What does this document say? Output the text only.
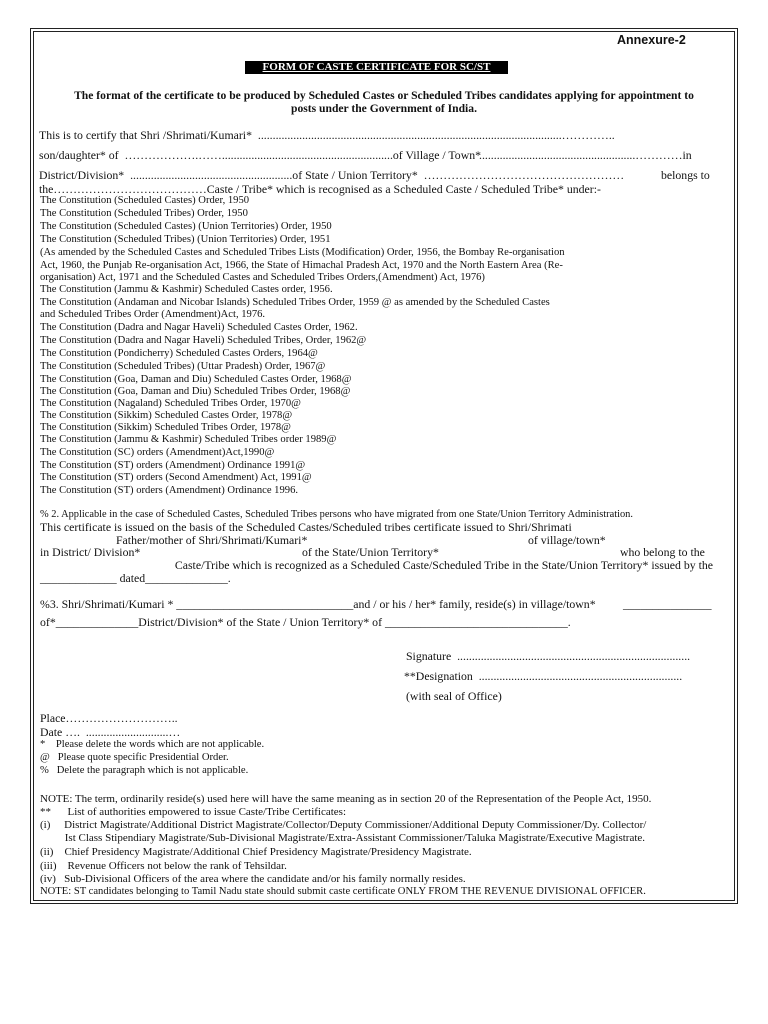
Annexure-2
FORM OF CASTE CERTIFICATE FOR SC/ST
The format of the certificate to be produced by Scheduled Castes or Scheduled Tribes candidates applying for appointment to
posts under the Government of India.
This is to certify that Shri /Shrimati/Kumari*  .......................................................................................................…………..
son/daughter* of  ……………….……..........................................................of Village / Town*
.....................................................…………in
District/Division*  .......................................................of State / Union Territory*  ……………………………………………	belongs to
the…………………………………Caste / Tribe* which is recognised as a Scheduled Caste / Scheduled Tribe* under:-
The Constitution (Scheduled Castes) Order, 1950
The Constitution (Scheduled Tribes) Order, 1950
The Constitution (Scheduled Castes) (Union Territories) Order, 1950
The Constitution (Scheduled Tribes) (Union Territories) Order, 1951
(As amended by the Scheduled Castes and Scheduled Tribes Lists (Modification) Order, 1956, the Bombay Re-organisation
Act, 1960, the Punjab Re-organisation Act, 1966, the State of Himachal Pradesh Act, 1970 and the North Eastern Area (Re-
organisation) Act, 1971 and the Scheduled Castes and Scheduled Tribes Orders,(Amendment) Act, 1976)
The Constitution (Jammu & Kashmir) Scheduled Castes order, 1956.
The Constitution (Andaman and Nicobar Islands) Scheduled Tribes Order, 1959 @ as amended by the Scheduled Castes
and Scheduled Tribes Order (Amendment)Act, 1976.
The Constitution (Dadra and Nagar Haveli) Scheduled Castes Order, 1962.
The Constitution (Dadra and Nagar Haveli) Scheduled Tribes, Order, 1962@
The Constitution (Pondicherry) Scheduled Castes Orders, 1964@
The Constitution (Scheduled Tribes) (Uttar Pradesh) Order, 1967@
The Constitution (Goa, Daman and Diu) Scheduled Castes Order, 1968@
The Constitution (Goa, Daman and Diu) Scheduled Tribes Order, 1968@
The Constitution (Nagaland) Scheduled Tribes Order, 1970@
The Constitution (Sikkim) Scheduled Castes Order, 1978@
The Constitution (Sikkim) Scheduled Tribes Order, 1978@
The Constitution (Jammu & Kashmir) Scheduled Tribes order 1989@
The Constitution (SC) orders (Amendment)Act,1990@
The Constitution (ST) orders (Amendment) Ordinance 1991@
The Constitution (ST) orders (Second Amendment) Act, 1991@
The Constitution (ST) orders (Amendment) Ordinance 1996.
% 2. Applicable in the case of Scheduled Castes, Scheduled Tribes persons who have migrated from one State/Union Territory Administration.
This certificate is issued on the basis of the Scheduled Castes/Scheduled tribes certificate issued to Shri/Shrimati
Father/mother of Shri/Shrimati/Kumari*	of village/town*
in District/ Division*	of the State/Union Territory*	who belong to the
Caste/Tribe which is recognized as a Scheduled Caste/Scheduled Tribe in the State/Union Territory* issued by the
_____________ dated______________.
%3. Shri/Shrimati/Kumari * ______________________________and / or his / her* family, reside(s) in village/town* _______________
of*______________District/Division* of the State / Union Territory* of _______________________________.
Signature  ...............................................................................
**Designation  .....................................................................
(with seal of Office)
Place………………………..
Date ….  ............................…
*    Please delete the words which are not applicable.
@   Please quote specific Presidential Order.
%   Delete the paragraph which is not applicable.
NOTE: The term, ordinarily reside(s) used here will have the same meaning as in section 20 of the Representation of the People Act, 1950.
**      List of authorities empowered to issue Caste/Tribe Certificates:
(i)     District Magistrate/Additional District Magistrate/Collector/Deputy Commissioner/Additional Deputy Commissioner/Dy. Collector/
Ist Class Stipendiary Magistrate/Sub-Divisional Magistrate/Extra-Assistant Commissioner/Taluka Magistrate/Executive Magistrate.
(ii)    Chief Presidency Magistrate/Additional Chief Presidency Magistrate/Presidency Magistrate.
(iii)    Revenue Officers not below the rank of Tehsildar.
(iv)   Sub-Divisional Officers of the area where the candidate and/or his family normally resides.
NOTE: ST candidates belonging to Tamil Nadu state should submit caste certificate ONLY FROM THE REVENUE DIVISIONAL OFFICER.
